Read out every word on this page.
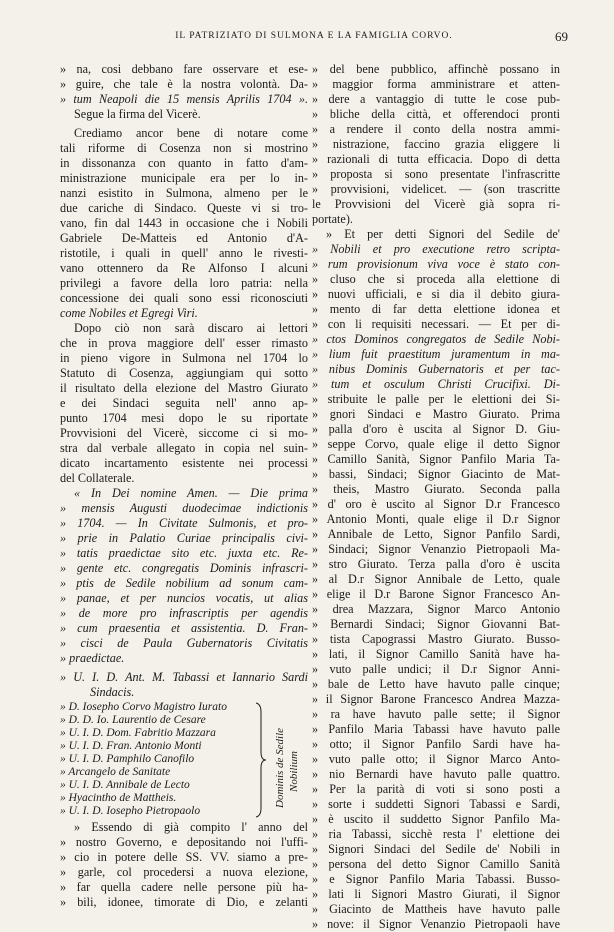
IL PATRIZIATO DI SULMONA E LA FAMIGLIA CORVO.	69
» na, cosi debbano fare osservare et ese-
» guire, che tale è la nostra volontà. Da-
» tum Neapoli die 15 mensis Aprilis 1704 ».
Segue la firma del Vicerè.
Crediamo ancor bene di notare come
tali riforme di Cosenza non si mostrino
in dissonanza con quanto in fatto d'am-
ministrazione municipale era per lo in-
nanzi esistito in Sulmona, almeno per le
due cariche di Sindaco. Queste vi si tro-
vano, fin dal 1443 in occasione che i Nobili
Gabriele De-Matteis ed Antonio d'A-
ristotile, i quali in quell' anno le rivesti-
vano ottennero da Re Alfonso I alcuni
privilegi a favore della loro patria: nella
concessione dei quali sono essi riconosciuti
come Nobiles et Egregi Viri.
Dopo ciò non sarà discaro ai lettori
che in prova maggiore dell' esser rimasto
in pieno vigore in Sulmona nel 1704 lo
Statuto di Cosenza, aggiungiam qui sotto
il risultato della elezione del Mastro Giurato
e dei Sindaci seguita nell' anno ap-
punto 1704 mesi dopo le su riportate
Provvisioni del Vicerè, siccome ci si mo-
stra dal verbale allegato in copia nel suin-
dicato incartamento esistente nei processi
del Collaterale.
« In Dei nomine Amen. — Die prima
» mensis Augusti duodecimae indictionis
» 1704. — In Civitate Sulmonis, et pro-
» prie in Palatio Curiae principalis civi-
» tatis praedictae sito etc. juxta etc. Re-
» gente etc. congregatis Dominis infrascri-
» ptis de Sedile nobilium ad sonum cam-
» panae, et per nuncios vocatis, ut alias
» de more pro infrascriptis per agendis
» cum praesentia et assistentia. D. Fran-
» cisci de Paula Gubernatoris Civitatis
» praedictae.
» U. I. D. Ant. M. Tabassi et Iannario Sardi
Sindacis.
» D. Iosepho Corvo Magistro Iurato
» D. D. Io. Laurentio de Cesare
» U. I. D. Dom. Fabritio Mazzara
» U. I. D. Fran. Antonio Monti
» U. I. D. Pamphilo Canofilo
» Arcangelo de Sanitate
» U. I. D. Annibale de Lecto
» Hyacintho de Mattheis.
» U. I. D. Iosepho Pietropaolo
Dominis de Sedile Nobilium
» Essendo di già compito l' anno del
» nostro Governo, e depositando noi l'uffi-
» cio in potere delle SS. VV. siamo a pre-
» garle, col procedersi a nuova elezione,
» far quella cadere nelle persone più ha-
» bili, idonee, timorate di Dio, e zelanti
» del bene pubblico, affinchè possano in
» maggior forma amministrare et atten-
» dere a vantaggio di tutte le cose pub-
» bliche della città, et offerendoci pronti
» a rendere il conto della nostra ammi-
» nistrazione, faccino graziа eliggere li
» razionali di tutta efficacia. Dopo di detta
» proposta si sono presentate l'infrascritte
» provvisioni, videlicet. — (son trascritte
le Provvisioni del Vicerè già sopra ri-
portate).
» Et per detti Signori del Sedile de'
» Nobili et pro executione retro scripta-
» rum provisionum viva voce è stato con-
» cluso che si proceda alla elettione di
» nuovi ufficiali, e si dia il debito giura-
» mento di far detta elettione idonea et
» con li requisiti necessari. — Et per di-
» ctos Dominos congregatos de Sedile Nobi-
» lium fuit praestitum juramentum in ma-
» nibus Dominis Gubernatoris et per tac-
» tum et osculum Christi Crucifixi. Di-
» stribuite le palle per le elettioni dei Si-
» gnori Sindaci e Mastro Giurato. Prima
» palla d'oro è uscita al Signor D. Giu-
» seppe Corvo, quale elige il detto Signor
» Camillo Sanità, Signor Panfilo Maria Ta-
» bassi, Sindaci; Signor Giacinto de Mat-
» theis, Mastro Giurato. Seconda palla
» d' oro è uscito al Signor D.r Francesco
» Antonio Monti, quale elige il D.r Signor
» Annibale de Letto, Signor Panfilo Sardi,
» Sindaci; Signor Venanzio Pietropaoli Ma-
» stro Giurato. Terza palla d'oro è uscita
» al D.r Signor Annibale de Letto, quale
» elige il D.r Barone Signor Francesco An-
» drea Mazzara, Signor Marco Antonio
» Bernardi Sindaci; Signor Giovanni Bat-
» tista Capograssi Mastro Giurato. Busso-
» lati, il Signor Camillo Sanità have ha-
» vuto palle undici; il D.r Signor Anni-
» bale de Letto have havuto palle cinque;
» il Signor Barone Francesco Andrea Mazza-
» ra have havuto palle sette; il Signor
» Panfilo Maria Tabassi have havuto palle
» otto; il Signor Panfilo Sardi have ha-
» vuto palle otto; il Signor Marco Anto-
» nio Bernardi have havuto palle quattro.
» Per la parità di voti si sono posti a
» sorte i suddetti Signori Tabassi e Sardi,
» è uscito il suddetto Signor Panfilo Ma-
» ria Tabassi, sicchè resta l' elettione dei
» Signori Sindaci del Sedile de' Nobili in
» persona del detto Signor Camillo Sanità
» e Signor Panfilo Maria Tabassi. Busso-
» lati li Signori Mastro Giurati, il Signor
» Giacinto de Mattheis have havuto palle
» nove: il Signor Venanzio Pietropaoli have
